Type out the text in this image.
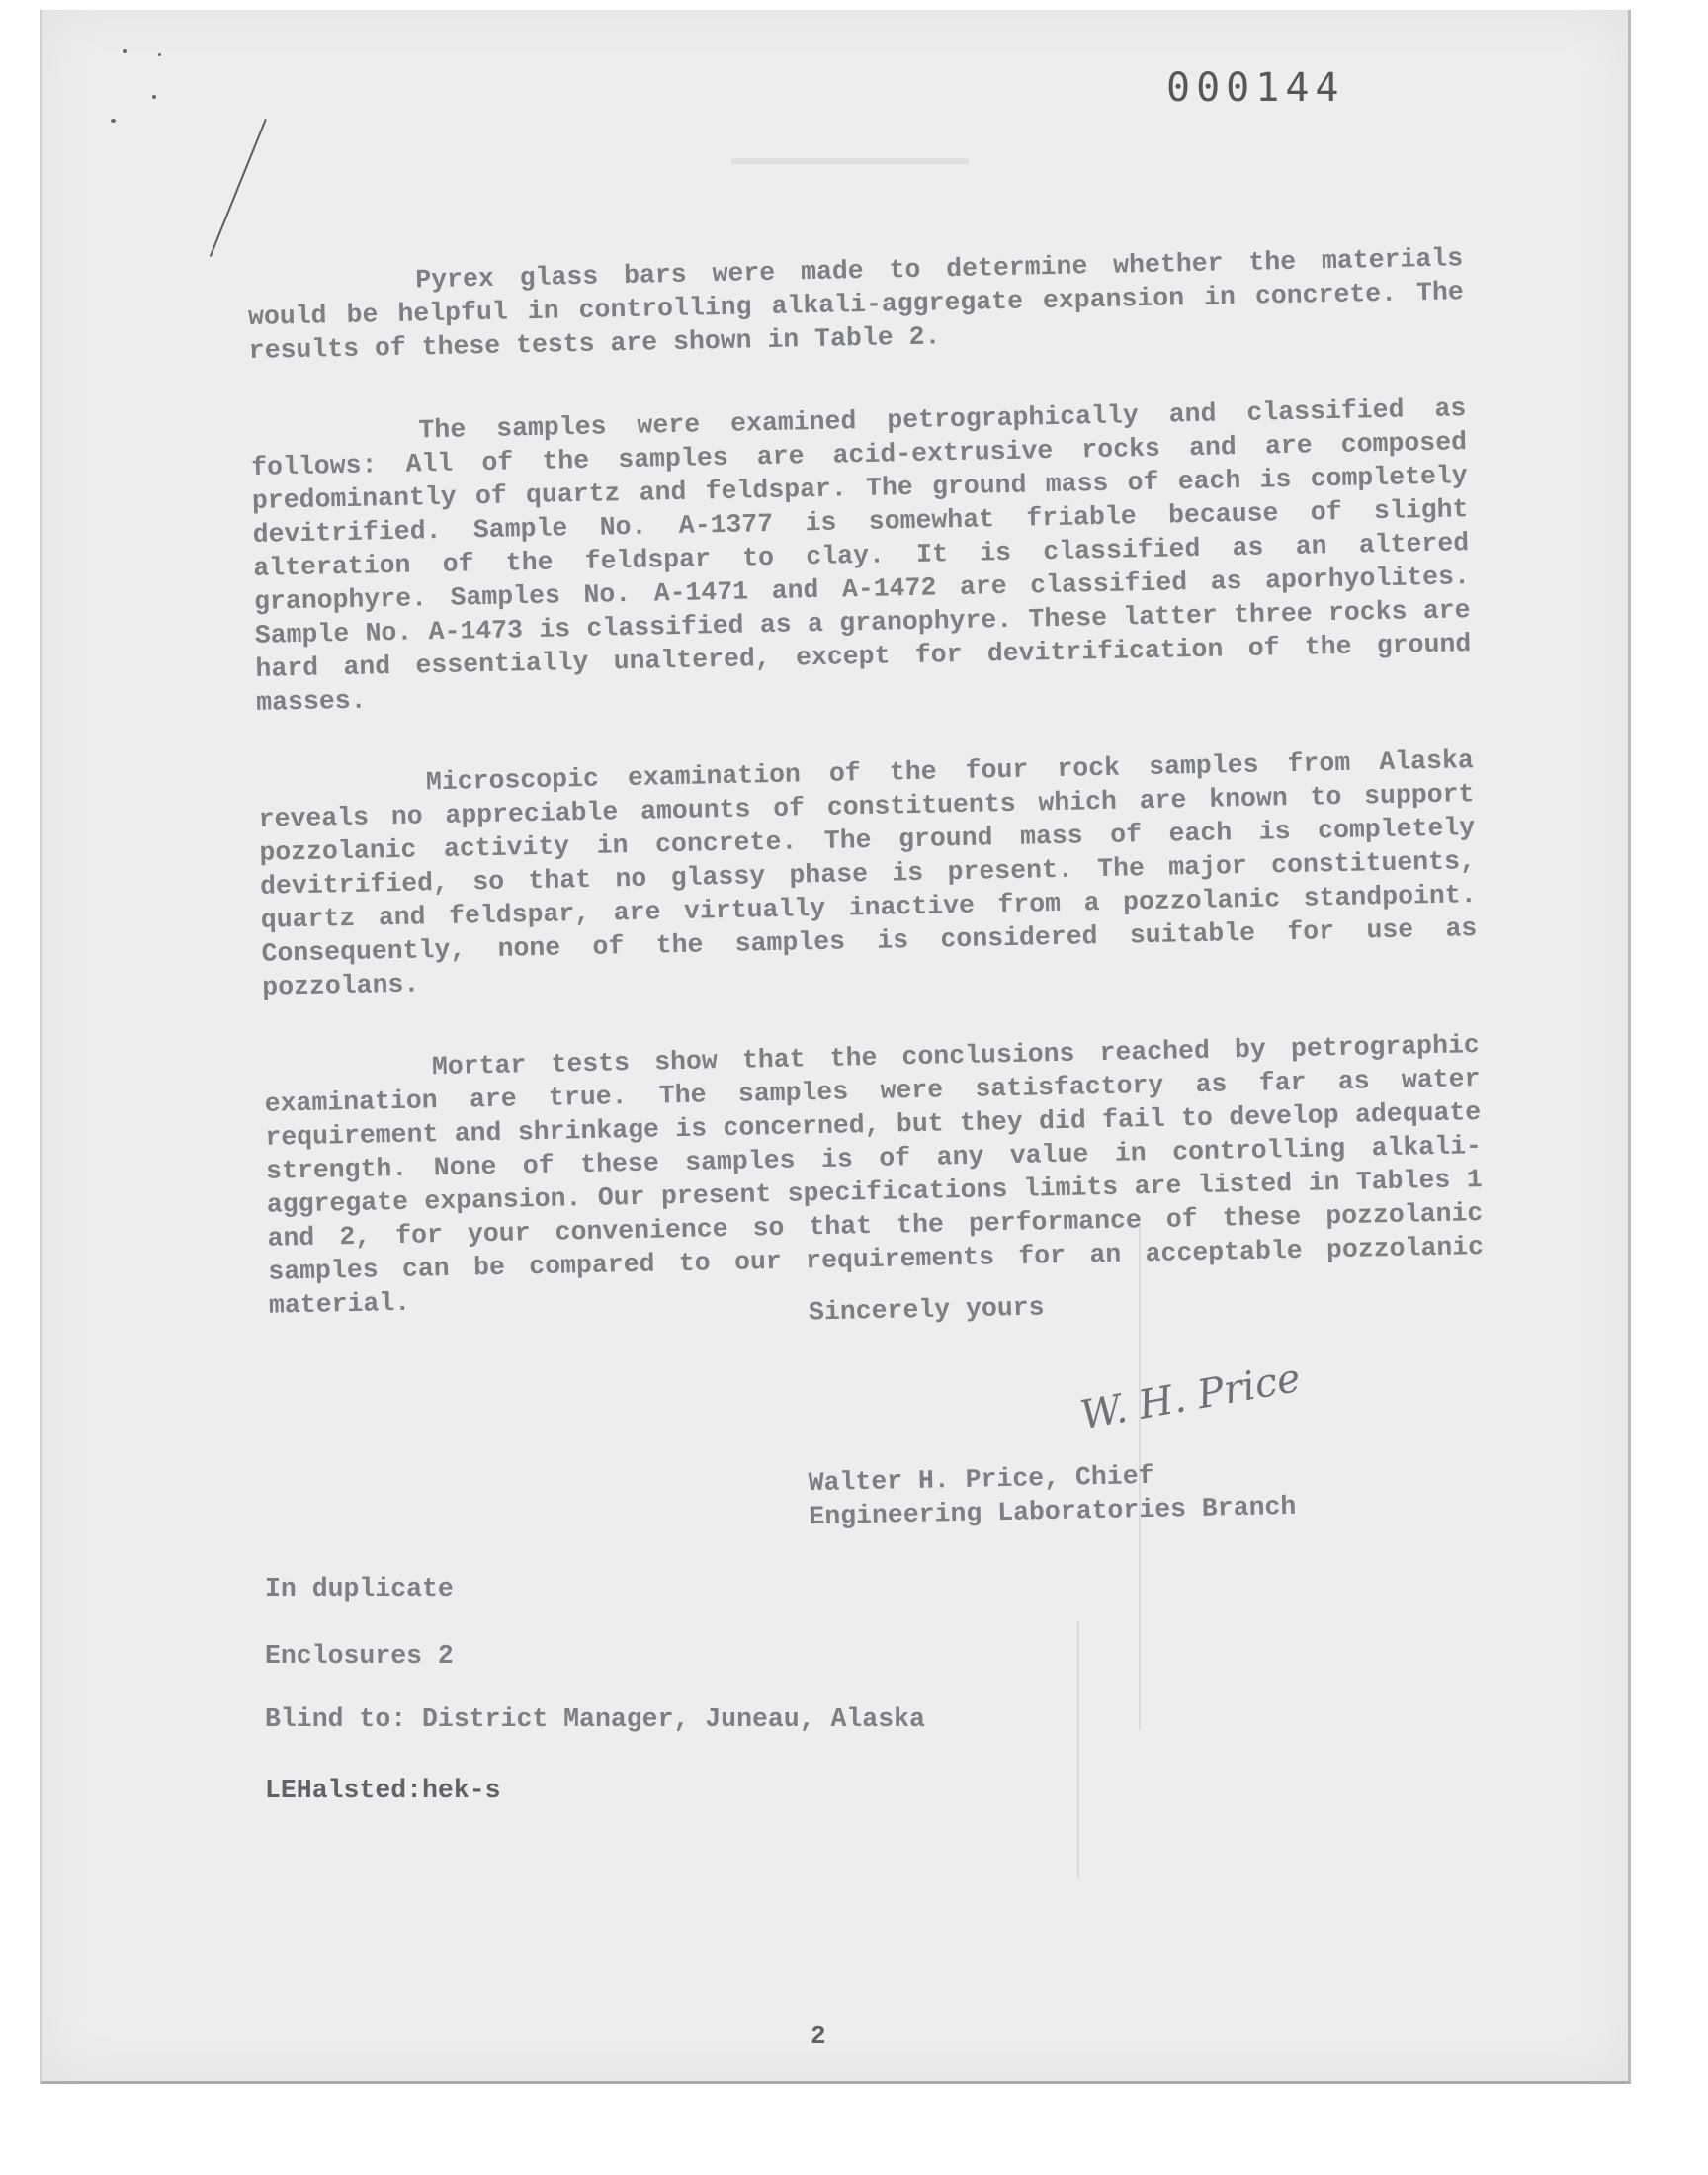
000144

Pyrex glass bars were made to determine whether the materials would be helpful in controlling alkali-aggregate expansion in concrete. The results of these tests are shown in Table 2.

The samples were examined petrographically and classified as follows: All of the samples are acid-extrusive rocks and are composed predominantly of quartz and feldspar. The ground mass of each is completely devitrified. Sample No. A-1377 is somewhat friable because of slight alteration of the feldspar to clay. It is classified as an altered granophyre. Samples No. A-1471 and A-1472 are classified as aporhyolites. Sample No. A-1473 is classified as a granophyre. These latter three rocks are hard and essentially unaltered, except for devitrification of the ground masses.

Microscopic examination of the four rock samples from Alaska reveals no appreciable amounts of constituents which are known to support pozzolanic activity in concrete. The ground mass of each is completely devitrified, so that no glassy phase is present. The major constituents, quartz and feldspar, are virtually inactive from a pozzolanic standpoint. Consequently, none of the samples is considered suitable for use as pozzolans.

Mortar tests show that the conclusions reached by petrographic examination are true. The samples were satisfactory as far as water requirement and shrinkage is concerned, but they did fail to develop adequate strength. None of these samples is of any value in controlling alkali-aggregate expansion. Our present specifications limits are listed in Tables 1 and 2, for your convenience so that the performance of these pozzolanic samples can be compared to our requirements for an acceptable pozzolanic material.	Sincerely yours
W. H. Price
Walter H. Price, Chief
Engineering Laboratories Branch
In duplicate
Enclosures 2
Blind to: District Manager, Juneau, Alaska
LEHalsted:hek-s
2
